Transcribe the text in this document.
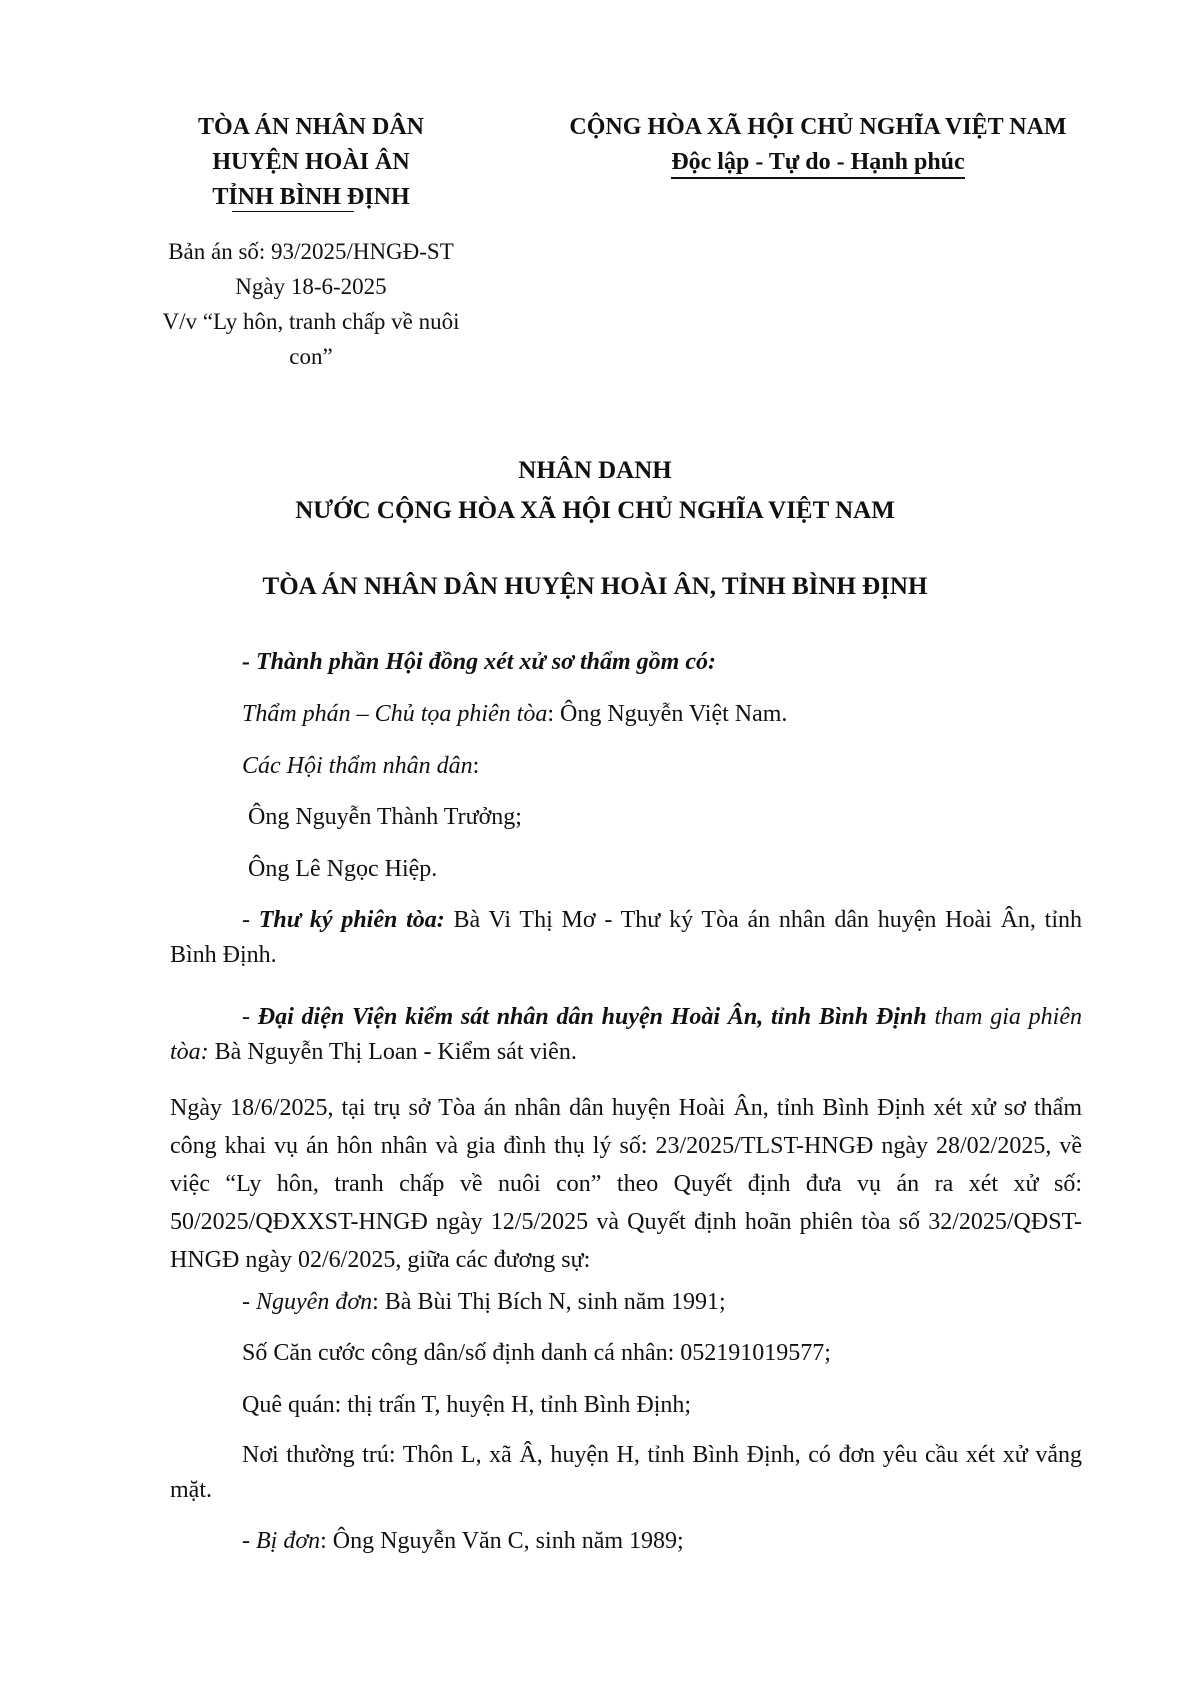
TÒA ÁN NHÂN DÂN
HUYỆN HOÀI ÂN
TỈNH BÌNH ĐỊNH
CỘNG HÒA XÃ HỘI CHỦ NGHĨA VIỆT NAM
Độc lập - Tự do - Hạnh phúc
Bản án số: 93/2025/HNGĐ-ST
Ngày 18-6-2025
V/v “Ly hôn, tranh chấp về nuôi
con”
NHÂN DANH
NƯỚC CỘNG HÒA XÃ HỘI CHỦ NGHĨA VIỆT NAM
TÒA ÁN NHÂN DÂN HUYỆN HOÀI ÂN, TỈNH BÌNH ĐỊNH
- Thành phần Hội đồng xét xử sơ thẩm gồm có:
Thẩm phán – Chủ tọa phiên tòa: Ông Nguyễn Việt Nam.
Các Hội thẩm nhân dân:
Ông Nguyễn Thành Trưởng;
Ông Lê Ngọc Hiệp.
- Thư ký phiên tòa: Bà Vi Thị Mơ - Thư ký Tòa án nhân dân huyện Hoài Ân, tỉnh Bình Định.
- Đại diện Viện kiểm sát nhân dân huyện Hoài Ân, tỉnh Bình Định tham gia phiên tòa: Bà Nguyễn Thị Loan - Kiểm sát viên.
Ngày 18/6/2025, tại trụ sở Tòa án nhân dân huyện Hoài Ân, tỉnh Bình Định xét xử sơ thẩm công khai vụ án hôn nhân và gia đình thụ lý số: 23/2025/TLST-HNGĐ ngày 28/02/2025, về việc “Ly hôn, tranh chấp về nuôi con” theo Quyết định đưa vụ án ra xét xử số: 50/2025/QĐXXST-HNGĐ ngày 12/5/2025 và Quyết định hoãn phiên tòa số 32/2025/QĐST-HNGĐ ngày 02/6/2025, giữa các đương sự:
- Nguyên đơn: Bà Bùi Thị Bích N, sinh năm 1991;
Số Căn cước công dân/số định danh cá nhân: 052191019577;
Quê quán: thị trấn T, huyện H, tỉnh Bình Định;
Nơi thường trú: Thôn L, xã Â, huyện H, tỉnh Bình Định, có đơn yêu cầu xét xử vắng mặt.
- Bị đơn: Ông Nguyễn Văn C, sinh năm 1989;
